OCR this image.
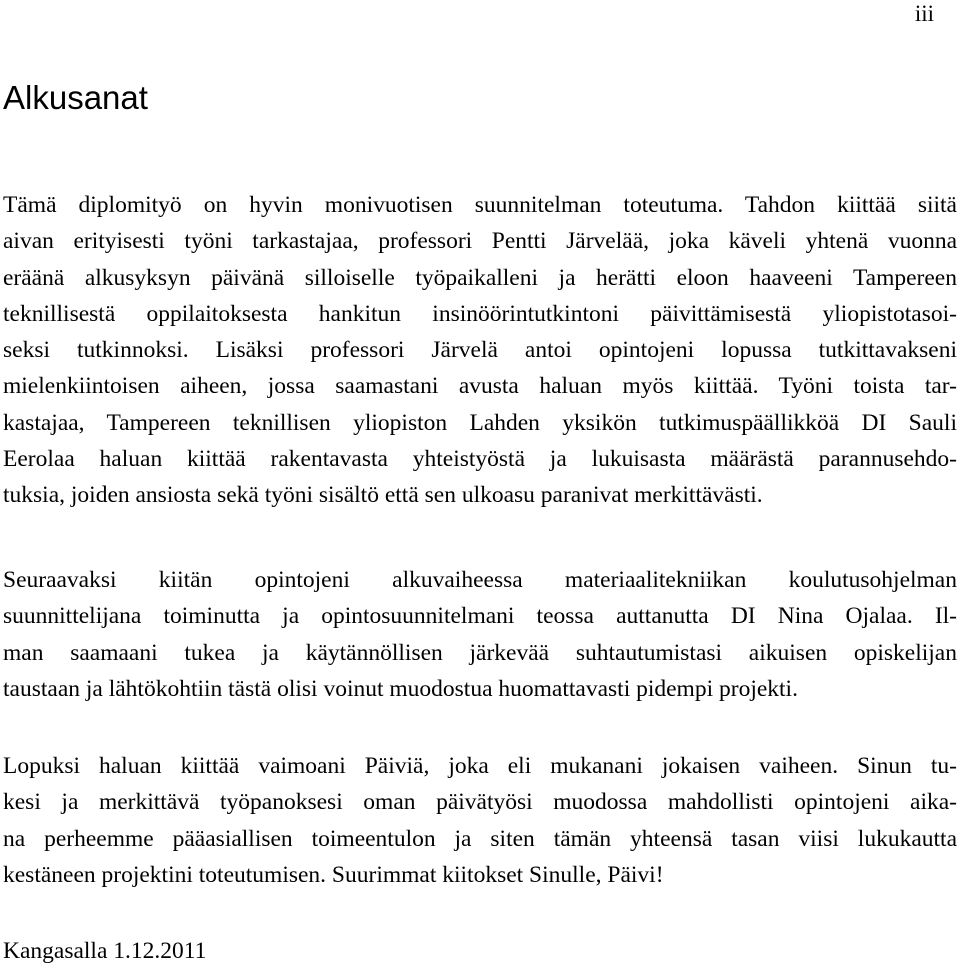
iii
Alkusanat
Tämä diplomityö on hyvin monivuotisen suunnitelman toteutuma. Tahdon kiittää siitä
aivan erityisesti työni tarkastajaa, professori Pentti Järvelää, joka käveli yhtenä vuonna
eräänä alkusyksyn päivänä silloiselle työpaikalleni ja herätti eloon haaveeni Tampereen
teknillisestä oppilaitoksesta hankitun insinöörintutkintoni päivittämisestä yliopistotasoi-
seksi tutkinnoksi. Lisäksi professori Järvelä antoi opintojeni lopussa tutkittavakseni
mielenkiintoisen aiheen, jossa saamastani avusta haluan myös kiittää. Työni toista tar-
kastajaa, Tampereen teknillisen yliopiston Lahden yksikön tutkimuspäällikköä DI Sauli
Eerolaa haluan kiittää rakentavasta yhteistyöstä ja lukuisasta määrästä parannusehdo-
tuksia, joiden ansiosta sekä työni sisältö että sen ulkoasu paranivat merkittävästi.
Seuraavaksi kiitän opintojeni alkuvaiheessa materiaalitekniikan koulutusohjelman
suunnittelijana toiminutta ja opintosuunnitelmani teossa auttanutta DI Nina Ojalaa. Il-
man saamaani tukea ja käytännöllisen järkevää suhtautumistasi aikuisen opiskelijan
taustaan ja lähtökohtiin tästä olisi voinut muodostua huomattavasti pidempi projekti.
Lopuksi haluan kiittää vaimoani Päiviä, joka eli mukanani jokaisen vaiheen. Sinun tu-
kesi ja merkittävä työpanoksesi oman päivätyösi muodossa mahdollisti opintojeni aika-
na perheemme pääasiallisen toimeentulon ja siten tämän yhteensä tasan viisi lukukautta
kestäneen projektini toteutumisen. Suurimmat kiitokset Sinulle, Päivi!
Kangasalla 1.12.2011
